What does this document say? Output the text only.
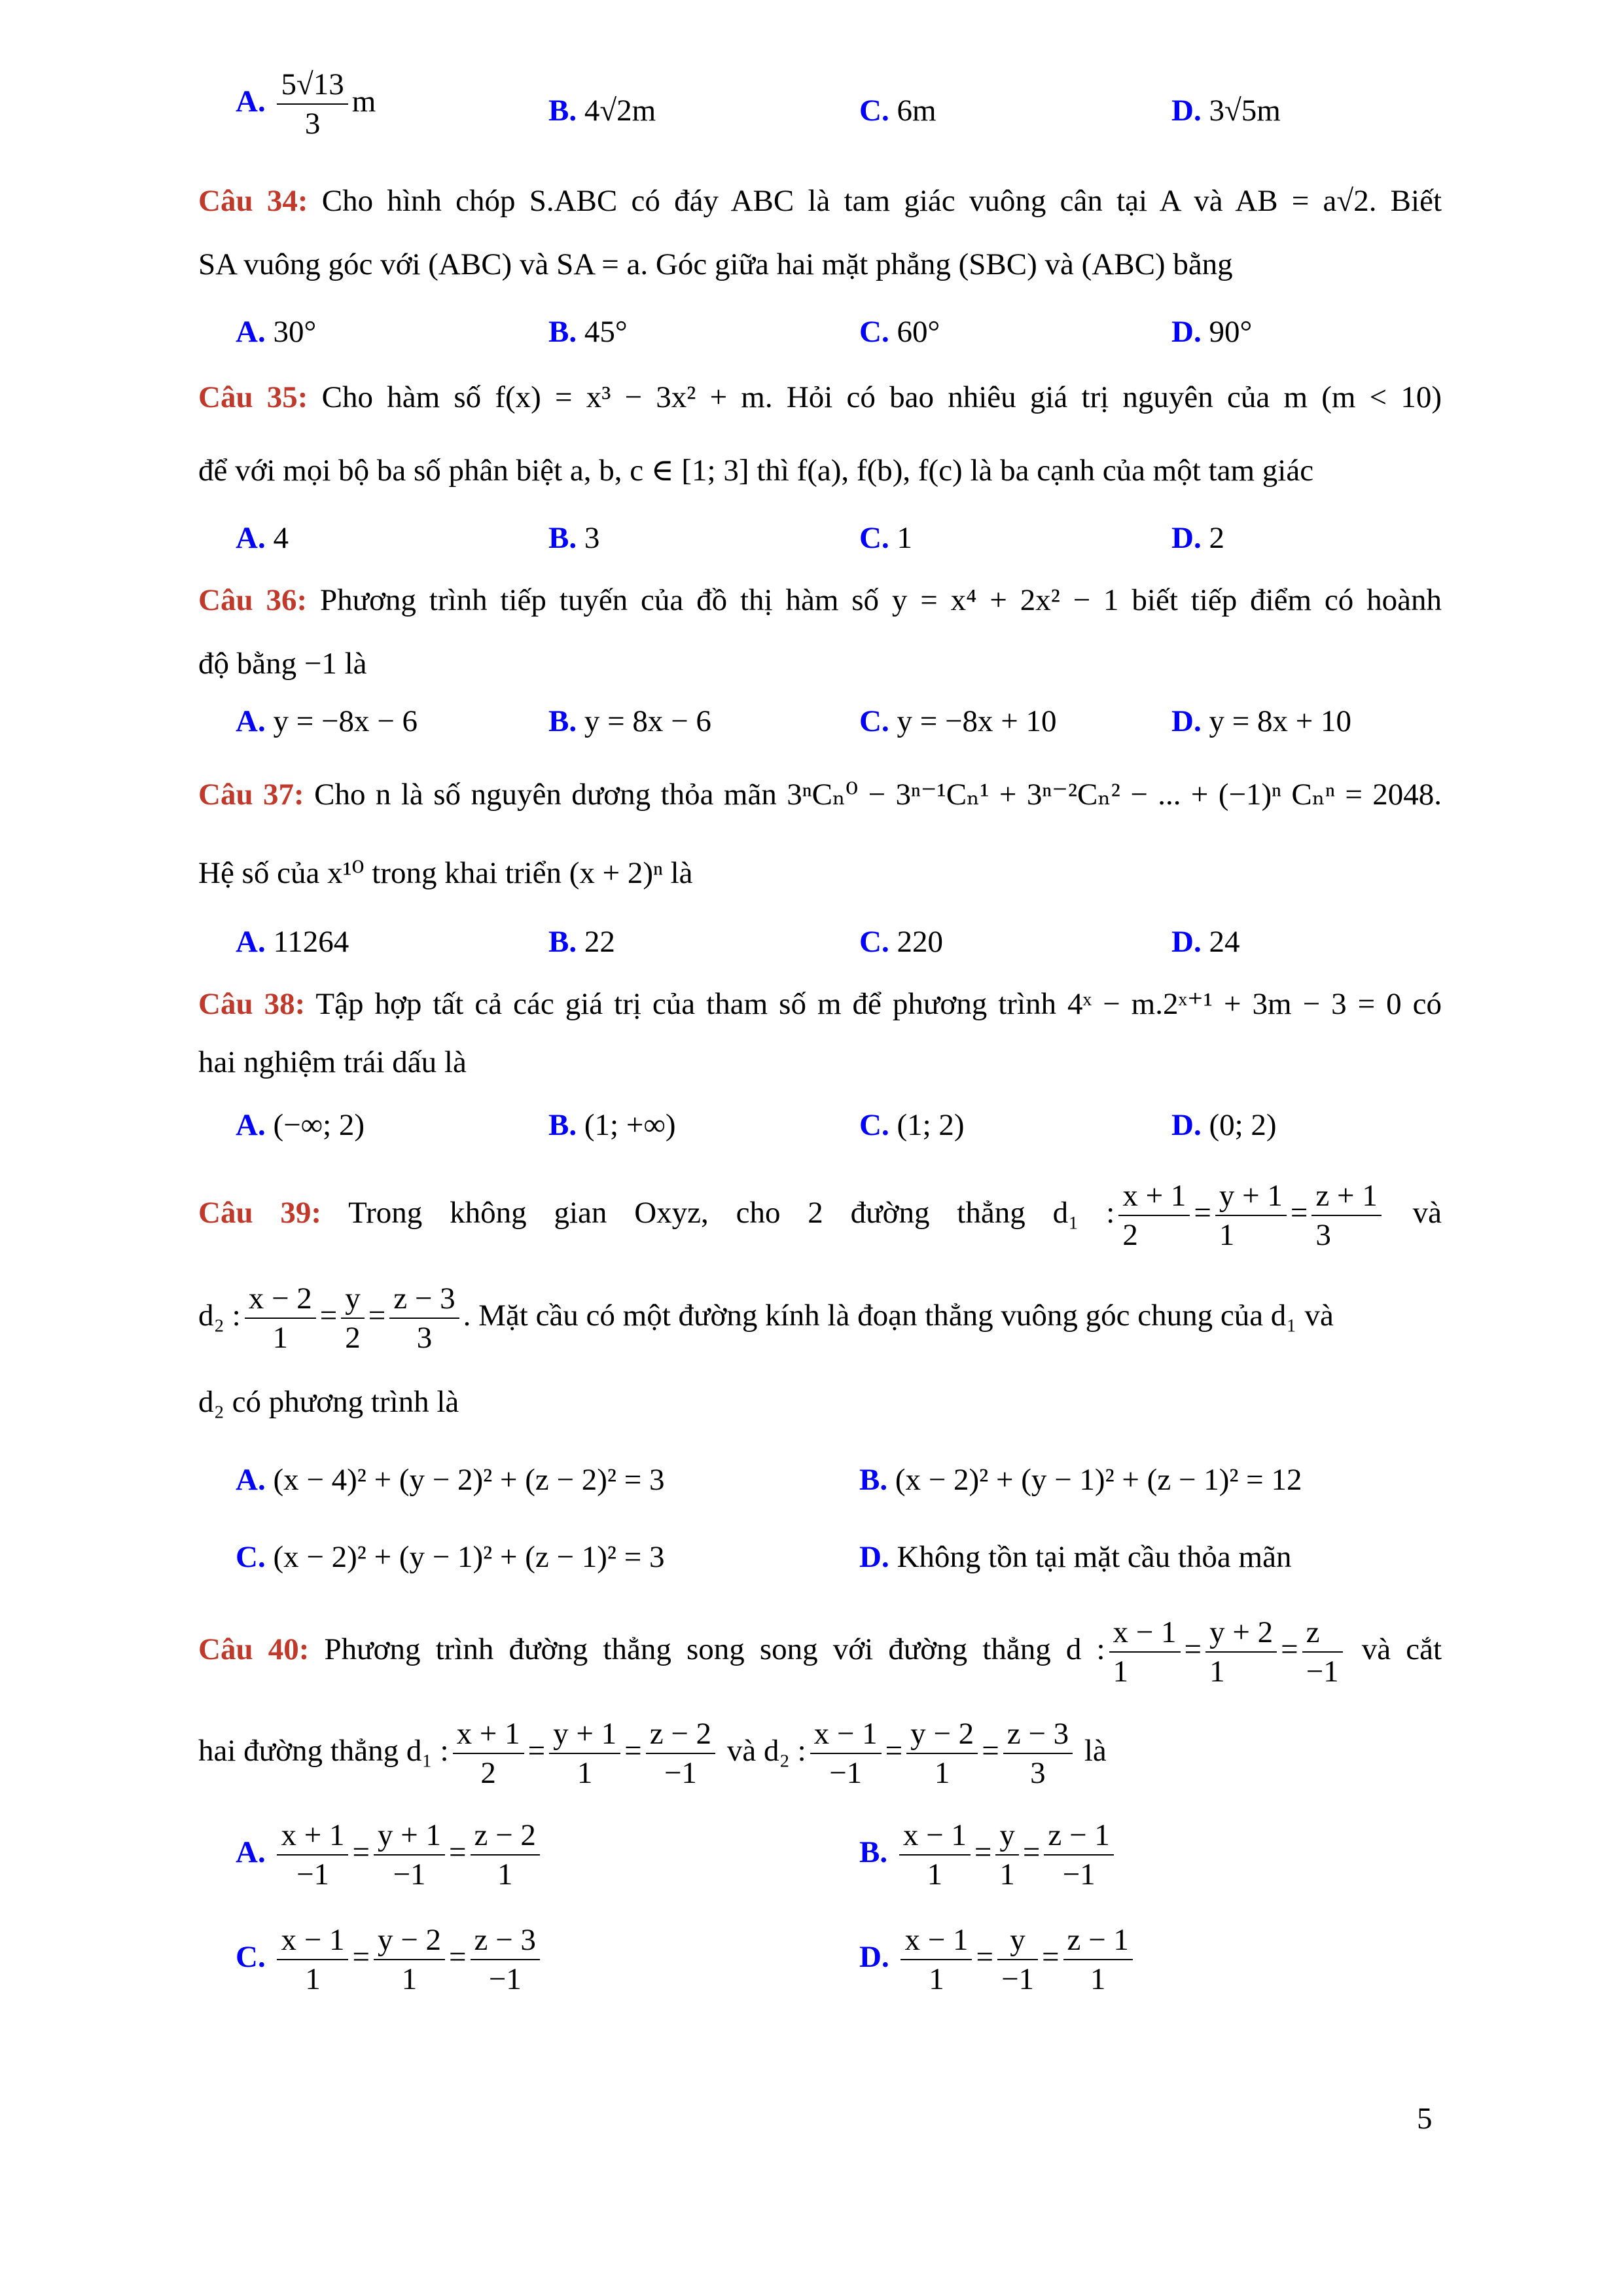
A. $\frac{5√13}{3}$ m	B. 4√2m	C. 6m	D. 3√5m
Câu 34: Cho hình chóp S.ABC có đáy ABC là tam giác vuông cân tại A và AB = a√2. Biết
SA vuông góc với (ABC) và SA = a. Góc giữa hai mặt phẳng (SBC) và (ABC) bằng
A. 30°	B. 45°	C. 60°	D. 90°
Câu 35: Cho hàm số f(x) = x³ − 3x² + m. Hỏi có bao nhiêu giá trị nguyên của m (m < 10)
để với mọi bộ ba số phân biệt a, b, c ∈ [1; 3] thì f(a), f(b), f(c) là ba cạnh của một tam giác
A. 4	B. 3	C. 1	D. 2
Câu 36: Phương trình tiếp tuyến của đồ thị hàm số y = x⁴ + 2x² − 1 biết tiếp điểm có hoành
độ bằng −1 là
A. y = −8x − 6	B. y = 8x − 6	C. y = −8x + 10	D. y = 8x + 10
Câu 37: Cho n là số nguyên dương thỏa mãn 3ⁿCₙ⁰ − 3ⁿ⁻¹Cₙ¹ + 3ⁿ⁻²Cₙ² − ... + (−1)ⁿ Cₙⁿ = 2048.
Hệ số của x¹⁰ trong khai triển (x + 2)ⁿ là
A. 11264	B. 22	C. 220	D. 24
Câu 38: Tập hợp tất cả các giá trị của tham số m để phương trình 4ˣ − m.2ˣ⁺¹ + 3m − 3 = 0 có
hai nghiệm trái dấu là
A. (−∞; 2)	B. (1; +∞)	C. (1; 2)	D. (0; 2)
Câu 39: Trong không gian Oxyz, cho 2 đường thẳng d₁ : $\frac{x + 1}{2} = \frac{y + 1}{1} = \frac{z + 1}{3}$ và
d₂ : $\frac{x - 2}{1} = \frac{y}{2} = \frac{z - 3}{3}$ . Mặt cầu có một đường kính là đoạn thẳng vuông góc chung của d₁ và
d₂ có phương trình là
A. (x − 4)² + (y − 2)² + (z − 2)² = 3	B. (x − 2)² + (y − 1)² + (z − 1)² = 12
C. (x − 2)² + (y − 1)² + (z − 1)² = 3	D. Không tồn tại mặt cầu thỏa mãn
Câu 40: Phương trình đường thẳng song song với đường thẳng d : $\frac{x - 1}{1} = \frac{y + 2}{1} = \frac{z}{-1}$ và cắt
hai đường thẳng d₁ : $\frac{x + 1}{2} = \frac{y + 1}{1} = \frac{z - 2}{-1}$ và d₂ : $\frac{x - 1}{-1} = \frac{y - 2}{1} = \frac{z - 3}{3}$ là
A. $\frac{x + 1}{-1} = \frac{y + 1}{-1} = \frac{z - 2}{1}$	B. $\frac{x - 1}{1} = \frac{y}{1} = \frac{z - 1}{-1}$
C. $\frac{x - 1}{1} = \frac{y - 2}{1} = \frac{z - 3}{-1}$	D. $\frac{x - 1}{1} = \frac{y}{-1} = \frac{z - 1}{1}$
5
